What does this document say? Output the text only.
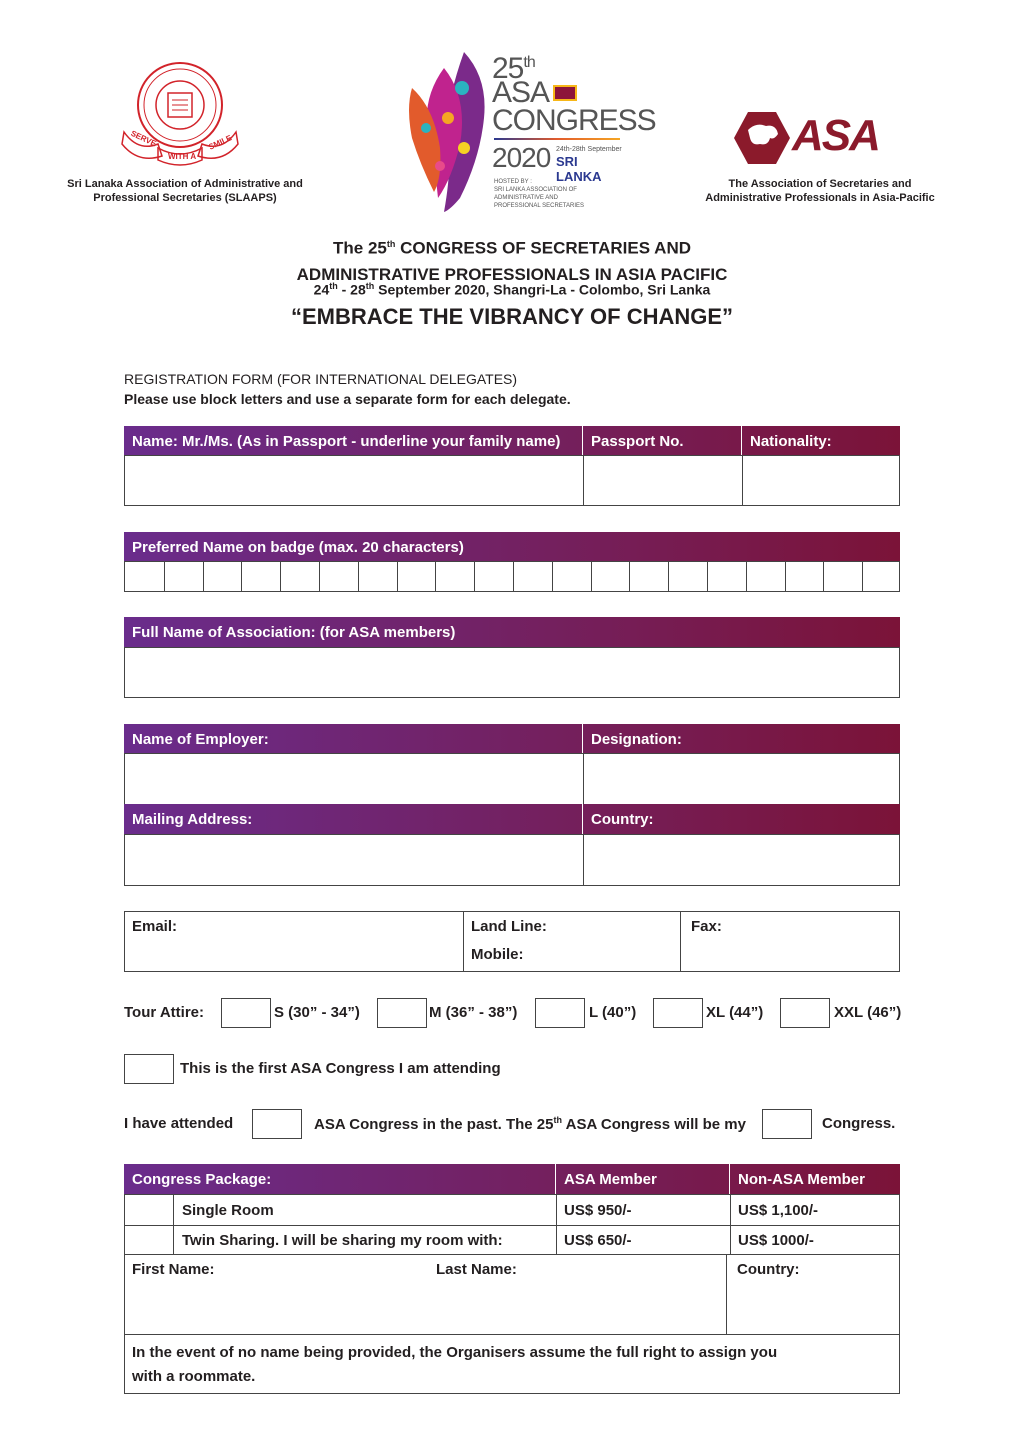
SERVE
WITH A
SMILE
Sri Lanaka Association of Administrative and
Professional Secretaries (SLAAPS)
25th
ASA
CONGRESS
2020 24th-28th September
SRI LANKA
HOSTED BY :
SRI LANKA ASSOCIATION OF
ADMINISTRATIVE AND
PROFESSIONAL SECRETARIES
ASA
The Association of Secretaries and
Administrative Professionals in Asia-Pacific
The 25th CONGRESS OF SECRETARIES AND
ADMINISTRATIVE PROFESSIONALS IN ASIA PACIFIC
24th - 28th September 2020, Shangri-La - Colombo, Sri Lanka
“EMBRACE THE VIBRANCY OF CHANGE”
REGISTRATION FORM (FOR INTERNATIONAL DELEGATES)
Please use block letters and use a separate form for each delegate.
Name: Mr./Ms. (As in Passport - underline your family name) Passport No.	Nationality:
Preferred Name on badge (max. 20 characters)
Full Name of Association: (for ASA members)
Name of Employer:	Designation:
Mailing Address:	Country:
Email:	Land Line:
Mobile:
Fax:
Tour Attire:	S (30” - 34”)	M (36” - 38”)	L (40”)	XL (44”)	XXL (46”)
This is the first ASA Congress I am attending
I have attended	ASA Congress in the past. The 25th ASA Congress will be my	Congress.
Congress Package:	ASA Member	Non-ASA Member
Single Room	US$ 950/-	US$ 1,100/-
Twin Sharing. I will be sharing my room with:	US$ 650/-	US$ 1000/-
First Name:	Last Name:	Country:
In the event of no name being provided, the Organisers assume the full right to assign you
with a roommate.
